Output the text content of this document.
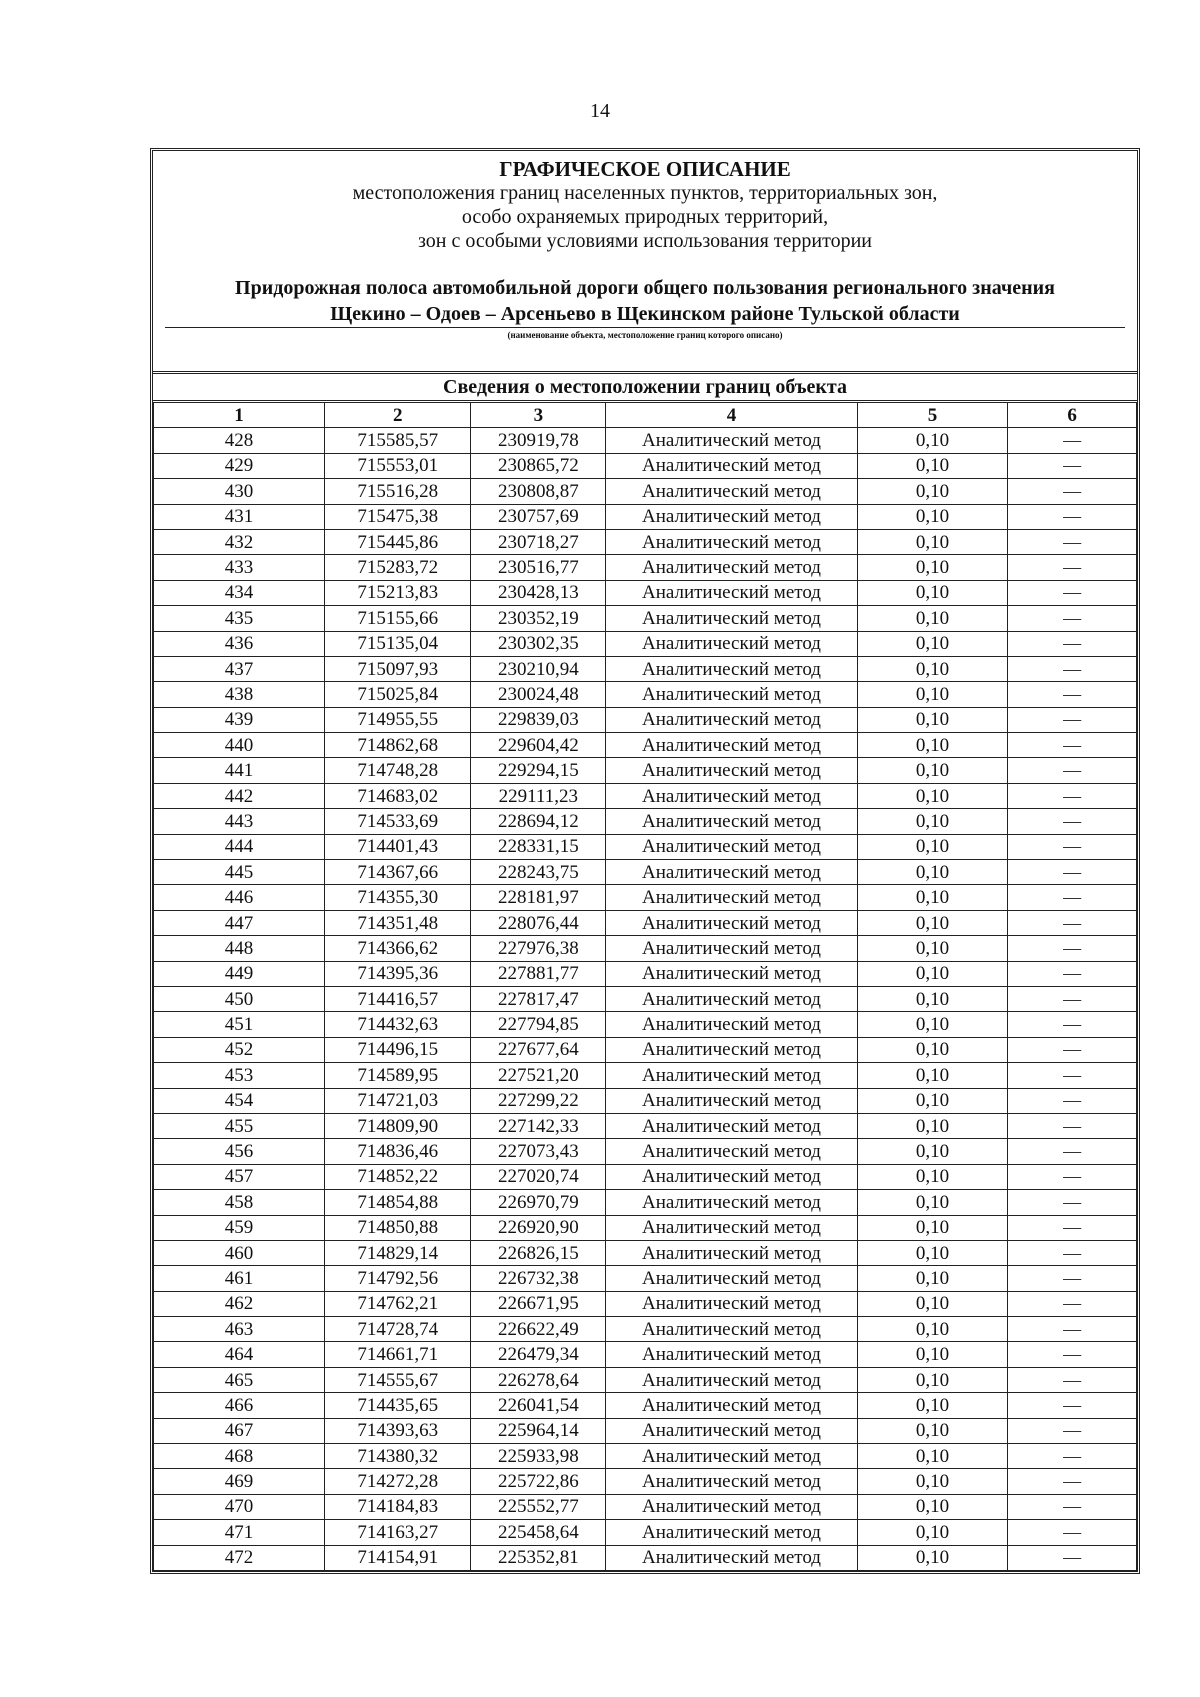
14
ГРАФИЧЕСКОЕ ОПИСАНИЕ
местоположения границ населенных пунктов, территориальных зон,
особо охраняемых природных территорий,
зон с особыми условиями использования территории
Придорожная полоса автомобильной дороги общего пользования регионального значения
Щекино – Одоев – Арсеньево в Щекинском районе Тульской области
(наименование объекта, местоположение границ которого описано)
Сведения о местоположении границ объекта
1	2	3	4	5	6
428	715585,57	230919,78	Аналитический метод	0,10	—
429	715553,01	230865,72	Аналитический метод	0,10	—
430	715516,28	230808,87	Аналитический метод	0,10	—
431	715475,38	230757,69	Аналитический метод	0,10	—
432	715445,86	230718,27	Аналитический метод	0,10	—
433	715283,72	230516,77	Аналитический метод	0,10	—
434	715213,83	230428,13	Аналитический метод	0,10	—
435	715155,66	230352,19	Аналитический метод	0,10	—
436	715135,04	230302,35	Аналитический метод	0,10	—
437	715097,93	230210,94	Аналитический метод	0,10	—
438	715025,84	230024,48	Аналитический метод	0,10	—
439	714955,55	229839,03	Аналитический метод	0,10	—
440	714862,68	229604,42	Аналитический метод	0,10	—
441	714748,28	229294,15	Аналитический метод	0,10	—
442	714683,02	229111,23	Аналитический метод	0,10	—
443	714533,69	228694,12	Аналитический метод	0,10	—
444	714401,43	228331,15	Аналитический метод	0,10	—
445	714367,66	228243,75	Аналитический метод	0,10	—
446	714355,30	228181,97	Аналитический метод	0,10	—
447	714351,48	228076,44	Аналитический метод	0,10	—
448	714366,62	227976,38	Аналитический метод	0,10	—
449	714395,36	227881,77	Аналитический метод	0,10	—
450	714416,57	227817,47	Аналитический метод	0,10	—
451	714432,63	227794,85	Аналитический метод	0,10	—
452	714496,15	227677,64	Аналитический метод	0,10	—
453	714589,95	227521,20	Аналитический метод	0,10	—
454	714721,03	227299,22	Аналитический метод	0,10	—
455	714809,90	227142,33	Аналитический метод	0,10	—
456	714836,46	227073,43	Аналитический метод	0,10	—
457	714852,22	227020,74	Аналитический метод	0,10	—
458	714854,88	226970,79	Аналитический метод	0,10	—
459	714850,88	226920,90	Аналитический метод	0,10	—
460	714829,14	226826,15	Аналитический метод	0,10	—
461	714792,56	226732,38	Аналитический метод	0,10	—
462	714762,21	226671,95	Аналитический метод	0,10	—
463	714728,74	226622,49	Аналитический метод	0,10	—
464	714661,71	226479,34	Аналитический метод	0,10	—
465	714555,67	226278,64	Аналитический метод	0,10	—
466	714435,65	226041,54	Аналитический метод	0,10	—
467	714393,63	225964,14	Аналитический метод	0,10	—
468	714380,32	225933,98	Аналитический метод	0,10	—
469	714272,28	225722,86	Аналитический метод	0,10	—
470	714184,83	225552,77	Аналитический метод	0,10	—
471	714163,27	225458,64	Аналитический метод	0,10	—
472	714154,91	225352,81	Аналитический метод	0,10	—
